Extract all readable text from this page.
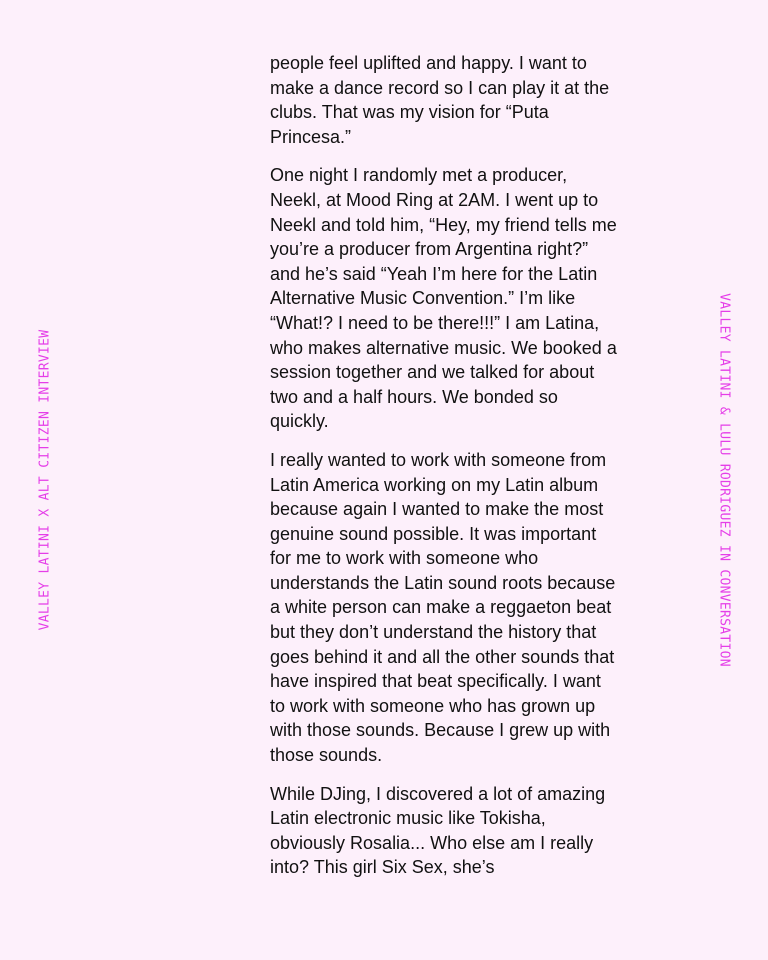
VALLEY LATINI X ALT CITIZEN INTERVIEW	VALLEY LATINI & LULU RODRIGUEZ IN CONVERSATION

people feel uplifted and happy. I want to make a dance record so I can play it at the clubs. That was my vision for “Puta Princesa.”

One night I randomly met a producer, Neekl, at Mood Ring at 2AM. I went up to Neekl and told him, “Hey, my friend tells me you’re a producer from Argentina right?” and he’s said “Yeah I’m here for the Latin Alternative Music Convention.” I’m like “What!? I need to be there!!!” I am Latina, who makes alternative music. We booked a session together and we talked for about two and a half hours. We bonded so quickly.

I really wanted to work with someone from Latin America working on my Latin album because again I wanted to make the most genuine sound possible. It was important for me to work with someone who understands the Latin sound roots because a white person can make a reggaeton beat but they don’t understand the history that goes behind it and all the other sounds that have inspired that beat specifically. I want to work with someone who has grown up with those sounds. Because I grew up with those sounds.

While DJing, I discovered a lot of amazing Latin electronic music like Tokisha, obviously Rosalia... Who else am I really into? This girl Six Sex, she’s
